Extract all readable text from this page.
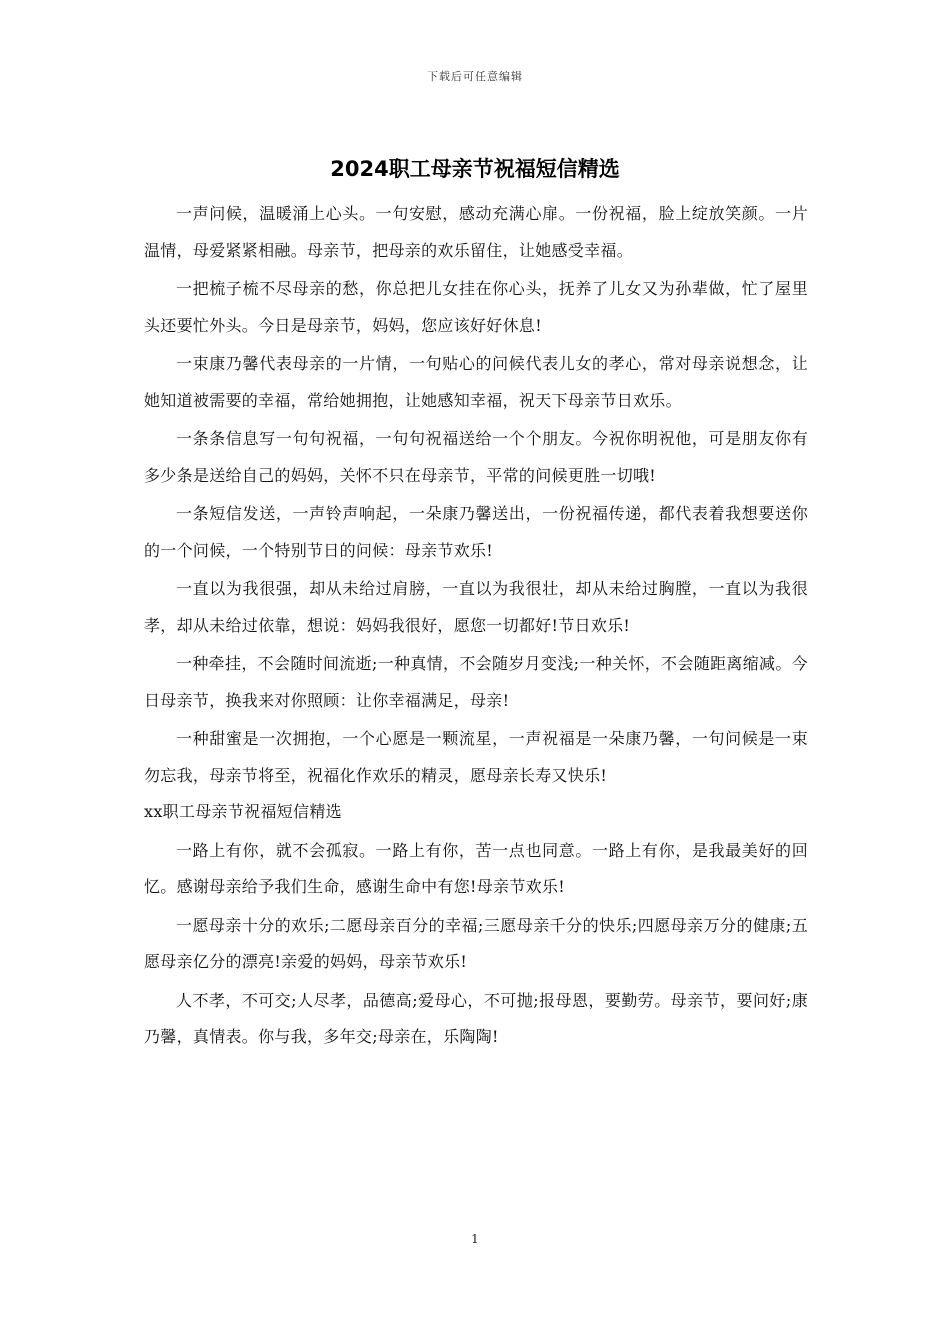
下载后可任意编辑
2024职工母亲节祝福短信精选

一声问候，温暖涌上心头。一句安慰，感动充满心扉。一份祝福，脸上绽放笑颜。一片温情，母爱紧紧相融。母亲节，把母亲的欢乐留住，让她感受幸福。

一把梳子梳不尽母亲的愁，你总把儿女挂在你心头，抚养了儿女又为孙辈做，忙了屋里头还要忙外头。今日是母亲节，妈妈，您应该好好休息!

一束康乃馨代表母亲的一片情，一句贴心的问候代表儿女的孝心，常对母亲说想念，让她知道被需要的幸福，常给她拥抱，让她感知幸福，祝天下母亲节日欢乐。

一条条信息写一句句祝福，一句句祝福送给一个个朋友。今祝你明祝他，可是朋友你有多少条是送给自己的妈妈，关怀不只在母亲节，平常的问候更胜一切哦!

一条短信发送，一声铃声响起，一朵康乃馨送出，一份祝福传递，都代表着我想要送你的一个问候，一个特别节日的问候：母亲节欢乐!

一直以为我很强，却从未给过肩膀，一直以为我很壮，却从未给过胸膛，一直以为我很孝，却从未给过依靠，想说：妈妈我很好，愿您一切都好!节日欢乐!

一种牵挂，不会随时间流逝;一种真情，不会随岁月变浅;一种关怀，不会随距离缩减。今日母亲节，换我来对你照顾：让你幸福满足，母亲!

一种甜蜜是一次拥抱，一个心愿是一颗流星，一声祝福是一朵康乃馨，一句问候是一束勿忘我，母亲节将至，祝福化作欢乐的精灵，愿母亲长寿又快乐!

xx职工母亲节祝福短信精选

一路上有你，就不会孤寂。一路上有你，苦一点也同意。一路上有你，是我最美好的回忆。感谢母亲给予我们生命，感谢生命中有您!母亲节欢乐!

一愿母亲十分的欢乐;二愿母亲百分的幸福;三愿母亲千分的快乐;四愿母亲万分的健康;五愿母亲亿分的漂亮!亲爱的妈妈，母亲节欢乐!

人不孝，不可交;人尽孝，品德高;爱母心，不可抛;报母恩，要勤劳。母亲节，要问好;康乃馨，真情表。你与我，多年交;母亲在，乐陶陶!

1
